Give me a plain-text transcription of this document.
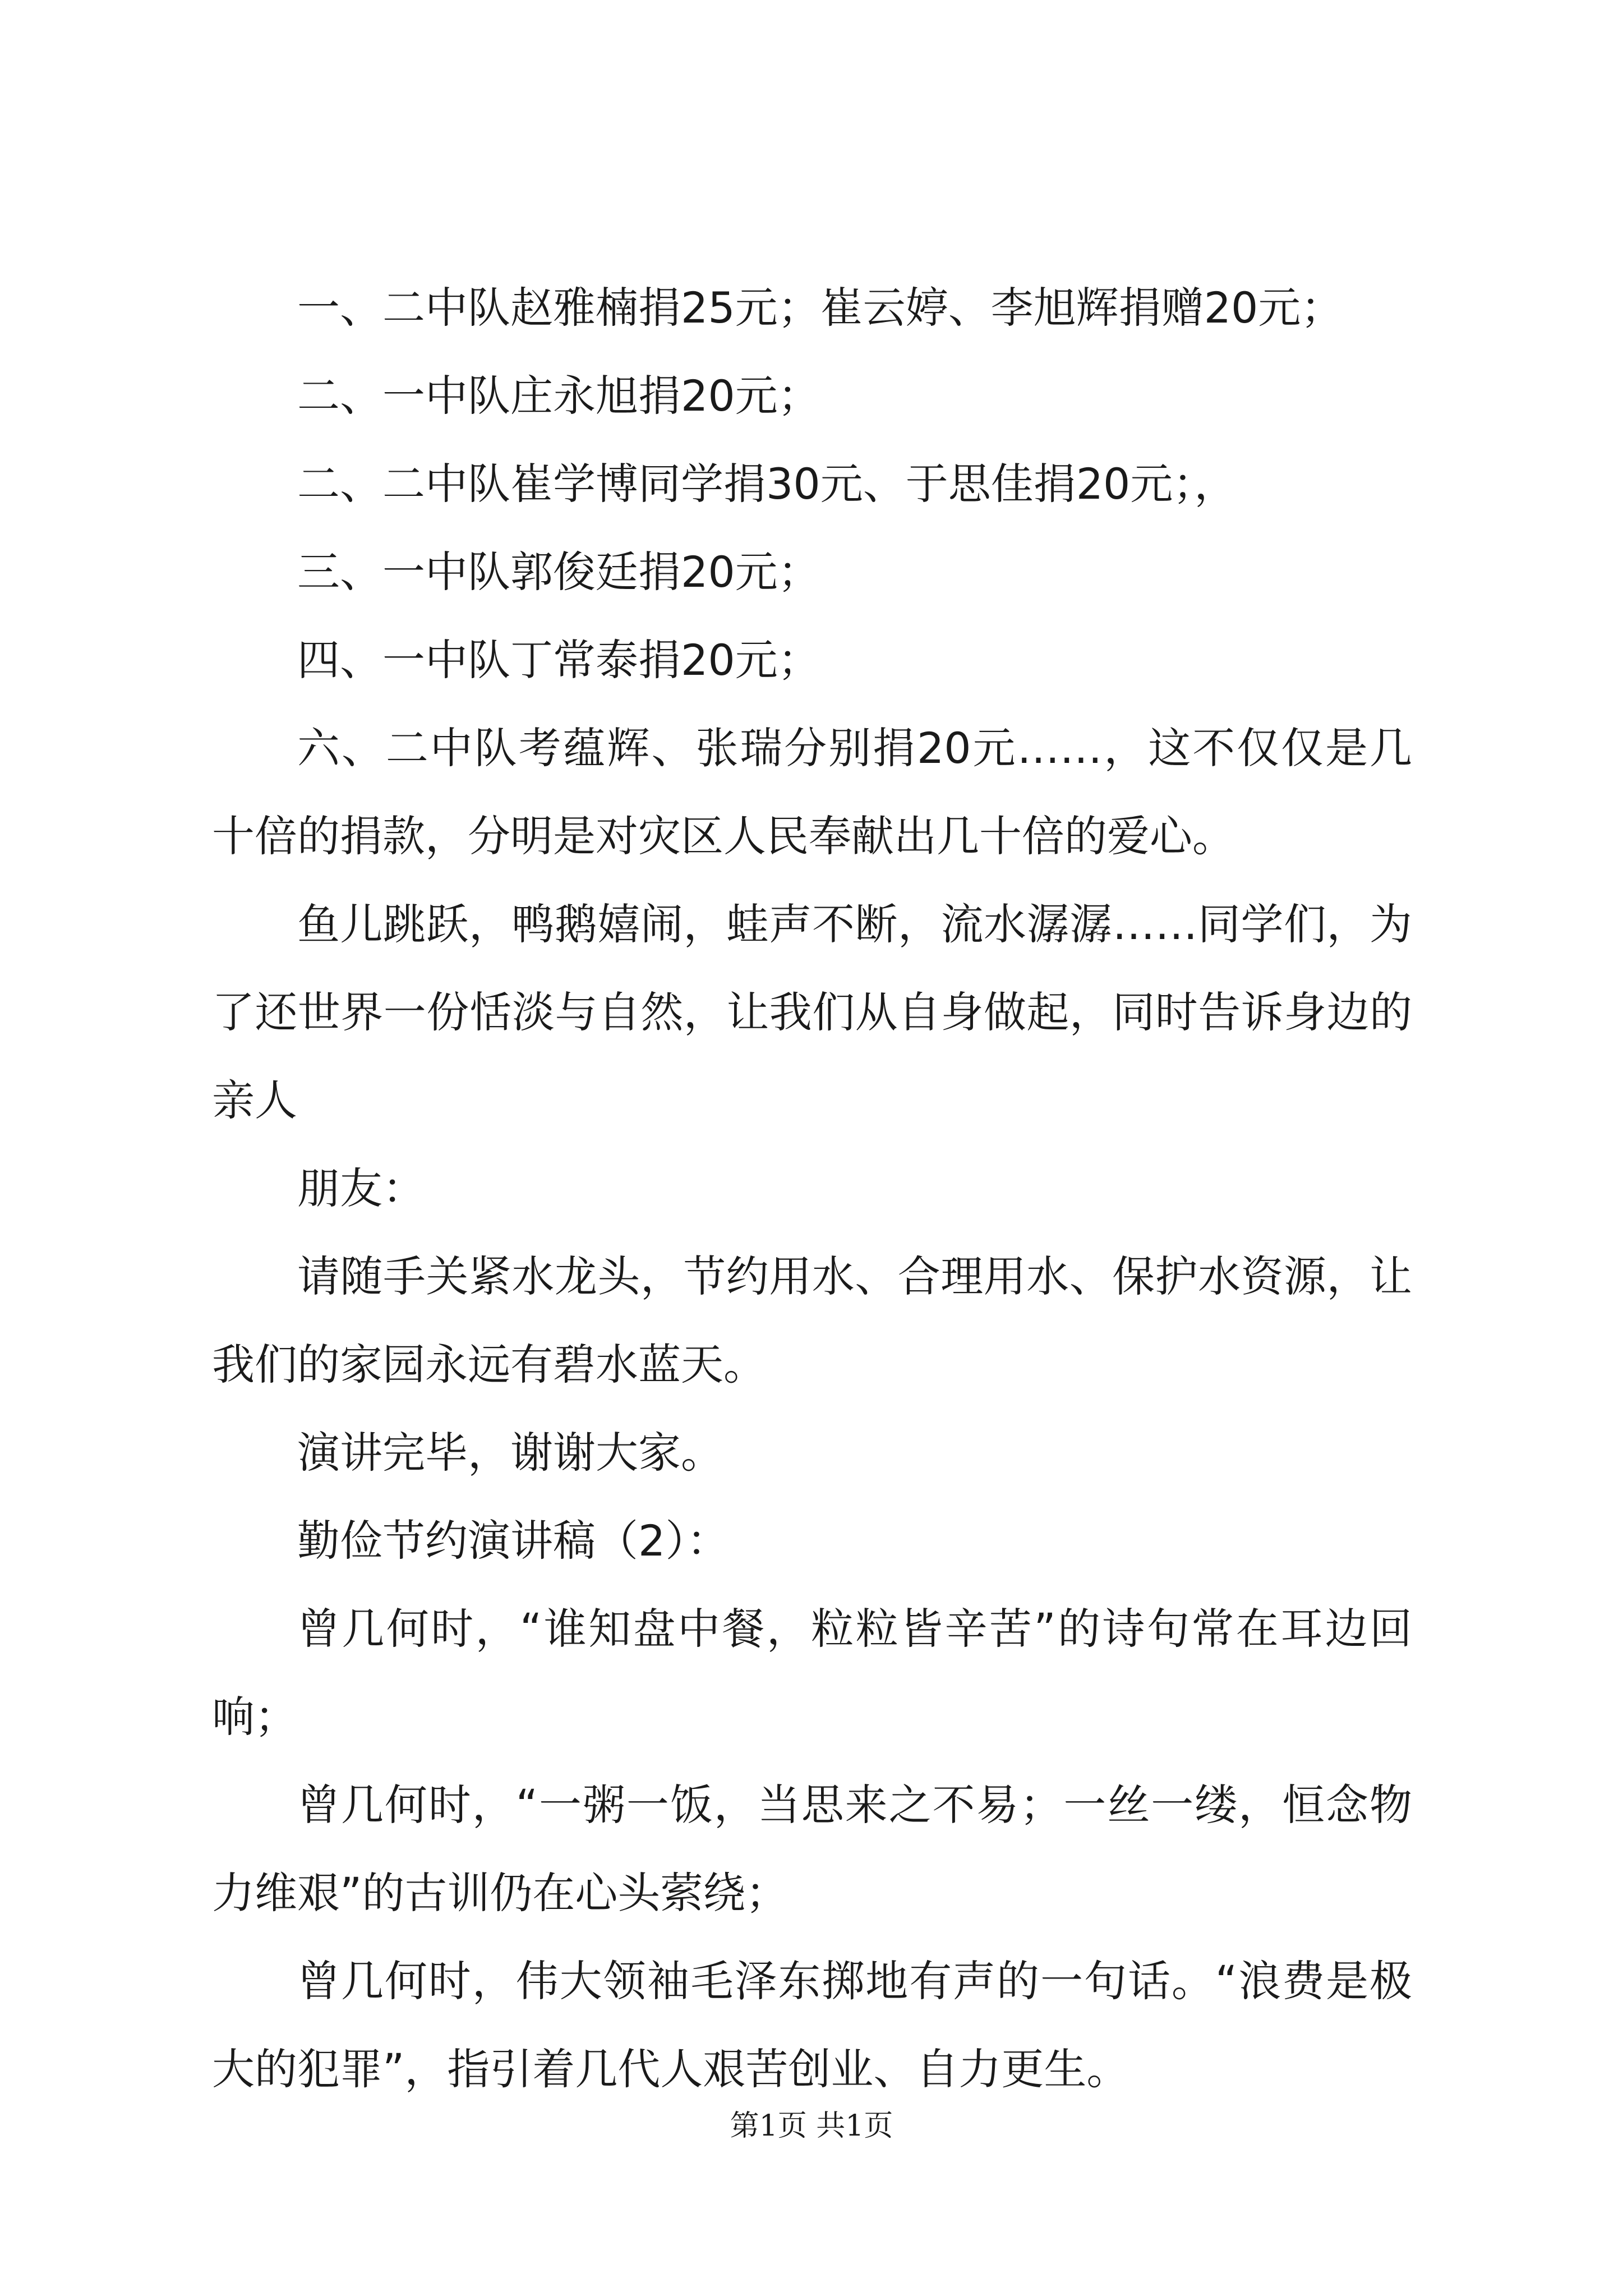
一、二中队赵雅楠捐25元；崔云婷、李旭辉捐赠20元；

二、一中队庄永旭捐20元；

二、二中队崔学博同学捐30元、于思佳捐20元；，

三、一中队郭俊廷捐20元；

四、一中队丁常泰捐20元；

六、二中队考蕴辉、张瑞分别捐20元……，这不仅仅是几十倍的捐款，分明是对灾区人民奉献出几十倍的爱心。

鱼儿跳跃，鸭鹅嬉闹，蛙声不断，流水潺潺……同学们，为了还世界一份恬淡与自然，让我们从自身做起，同时告诉身边的亲人

朋友：

请随手关紧水龙头，节约用水、合理用水、保护水资源，让我们的家园永远有碧水蓝天。

演讲完毕，谢谢大家。

勤俭节约演讲稿（2）：

曾几何时，“谁知盘中餐，粒粒皆辛苦”的诗句常在耳边回响；

曾几何时，“一粥一饭，当思来之不易；一丝一缕，恒念物力维艰”的古训仍在心头萦绕；

曾几何时，伟大领袖毛泽东掷地有声的一句话。“浪费是极大的犯罪”，指引着几代人艰苦创业、自力更生。

第1页 共1页
